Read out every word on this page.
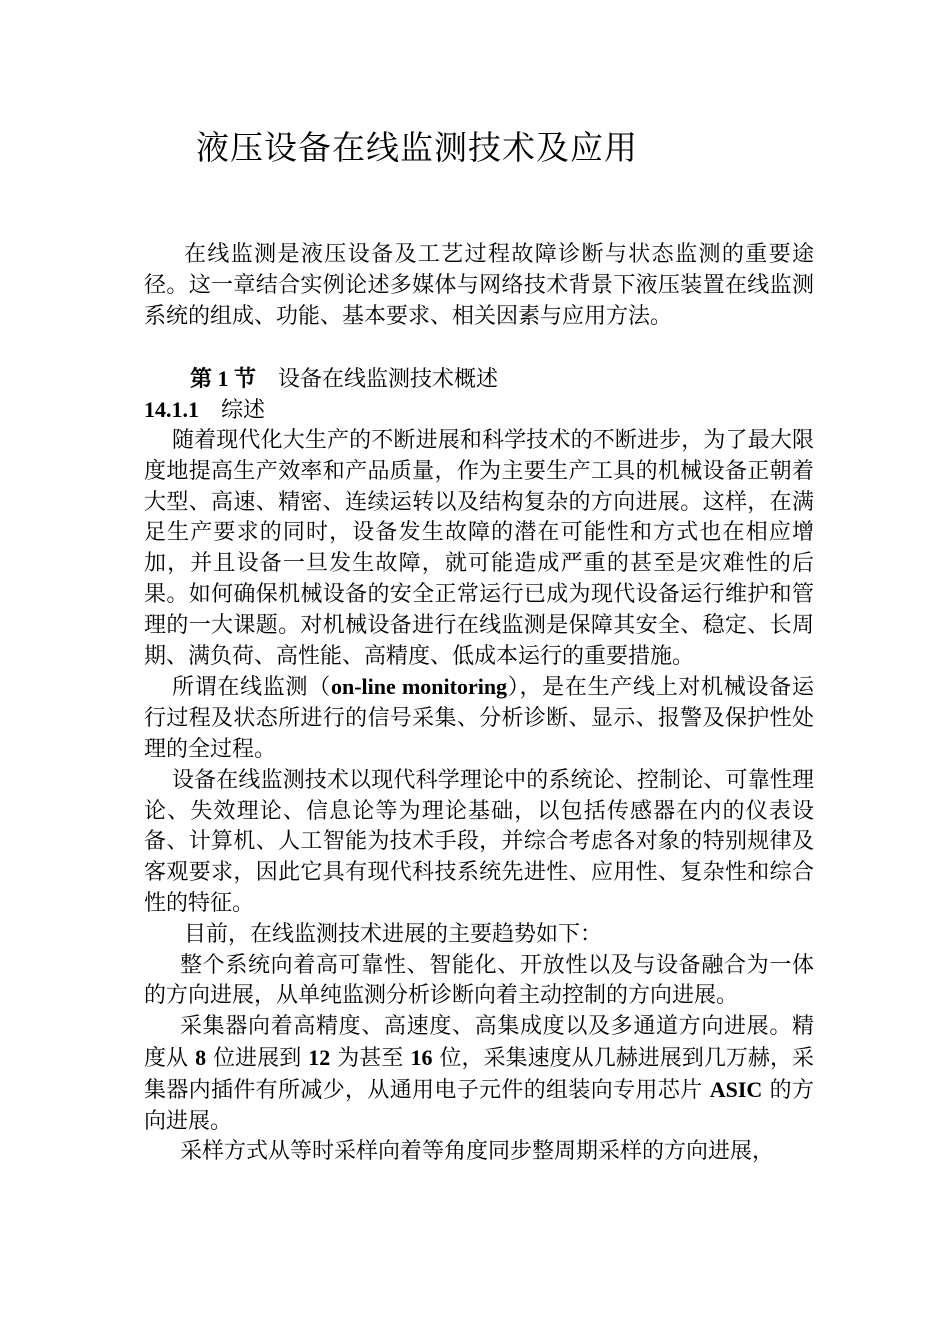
液压设备在线监测技术及应用
在线监测是液压设备及工艺过程故障诊断与状态监测的重要途径。这一章结合实例论述多媒体与网络技术背景下液压装置在线监测系统的组成、功能、基本要求、相关因素与应用方法。
第 1 节 设备在线监测技术概述
14.1.1 综述

随着现代化大生产的不断进展和科学技术的不断进步，为了最大限度地提高生产效率和产品质量，作为主要生产工具的机械设备正朝着大型、高速、精密、连续运转以及结构复杂的方向进展。这样，在满足生产要求的同时，设备发生故障的潜在可能性和方式也在相应增加，并且设备一旦发生故障，就可能造成严重的甚至是灾难性的后果。如何确保机械设备的安全正常运行已成为现代设备运行维护和管理的一大课题。对机械设备进行在线监测是保障其安全、稳定、长周期、满负荷、高性能、高精度、低成本运行的重要措施。

所谓在线监测（on-line monitoring），是在生产线上对机械设备运行过程及状态所进行的信号采集、分析诊断、显示、报警及保护性处理的全过程。

设备在线监测技术以现代科学理论中的系统论、控制论、可靠性理论、失效理论、信息论等为理论基础，以包括传感器在内的仪表设备、计算机、人工智能为技术手段，并综合考虑各对象的特别规律及客观要求，因此它具有现代科技系统先进性、应用性、复杂性和综合性的特征。

目前，在线监测技术进展的主要趋势如下：

整个系统向着高可靠性、智能化、开放性以及与设备融合为一体的方向进展，从单纯监测分析诊断向着主动控制的方向进展。

采集器向着高精度、高速度、高集成度以及多通道方向进展。精度从 8 位进展到 12 为甚至 16 位，采集速度从几赫进展到几万赫，采集器内插件有所减少，从通用电子元件的组装向专用芯片 ASIC 的方向进展。

采样方式从等时采样向着等角度同步整周期采样的方向进展，
